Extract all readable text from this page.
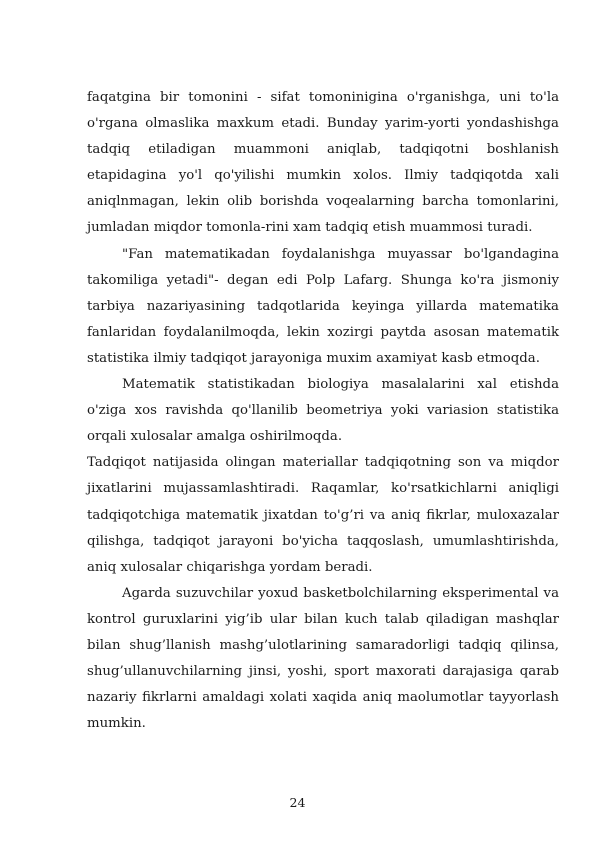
faqatgina bir tomonini - sifat tomoninigina o'rganishga, uni to'la o'rgana olmaslika maxkum etadi. Bunday yarim-yorti yondashishga tadqiq etiladigan muammoni aniqlab, tadqiqotni boshlanish etapidagina yo'l qo'yilishi mumkin xolos. Ilmiy tadqiqotda xali aniqlnmagan, lekin olib borishda voqealarning barcha tomonlarini, jumladan miqdor tomonla-rini xam tadqiq etish muammosi turadi.

"Fan matematikadan foydalanishga muyassar bo'lgandagina takomiliga yetadi"- degan edi Polp Lafarg. Shunga ko'ra jismoniy tarbiya nazariyasining tadqotlarida keyinga yillarda matematika fanlaridan foydalanilmoqda, lekin xozirgi paytda asosan matematik statistika ilmiy tadqiqot jarayoniga muxim axamiyat kasb etmoqda.

Matematik statistikadan biologiya masalalarini xal etishda o'ziga xos ravishda qo'llanilib beometriya yoki variasion statistika orqali xulosalar amalga oshirilmoqda.

Tadqiqot natijasida olingan materiallar tadqiqotning son va miqdor jixatlarini mujassamlashtiradi. Raqamlar, ko'rsatkichlarni aniqligi tadqiqotchiga matematik jixatdan to'g’ri va aniq fikrlar, muloxazalar qilishga, tadqiqot jarayoni bo'yicha taqqoslash, umumlashtirishda, aniq xulosalar chiqarishga yordam beradi.

Agarda suzuvchilar yoxud basketbolchilarning eksperimental va kontrol guruxlarini yig’ib ular bilan kuch talab qiladigan mashqlar bilan shug’llanish mashg’ulotlarining samaradorligi tadqiq qilinsa, shug’ullanuvchilarning jinsi, yoshi, sport maxorati darajasiga qarab nazariy fikrlarni amaldagi xolati xaqida aniq maolumotlar tayyorlash mumkin.

24
